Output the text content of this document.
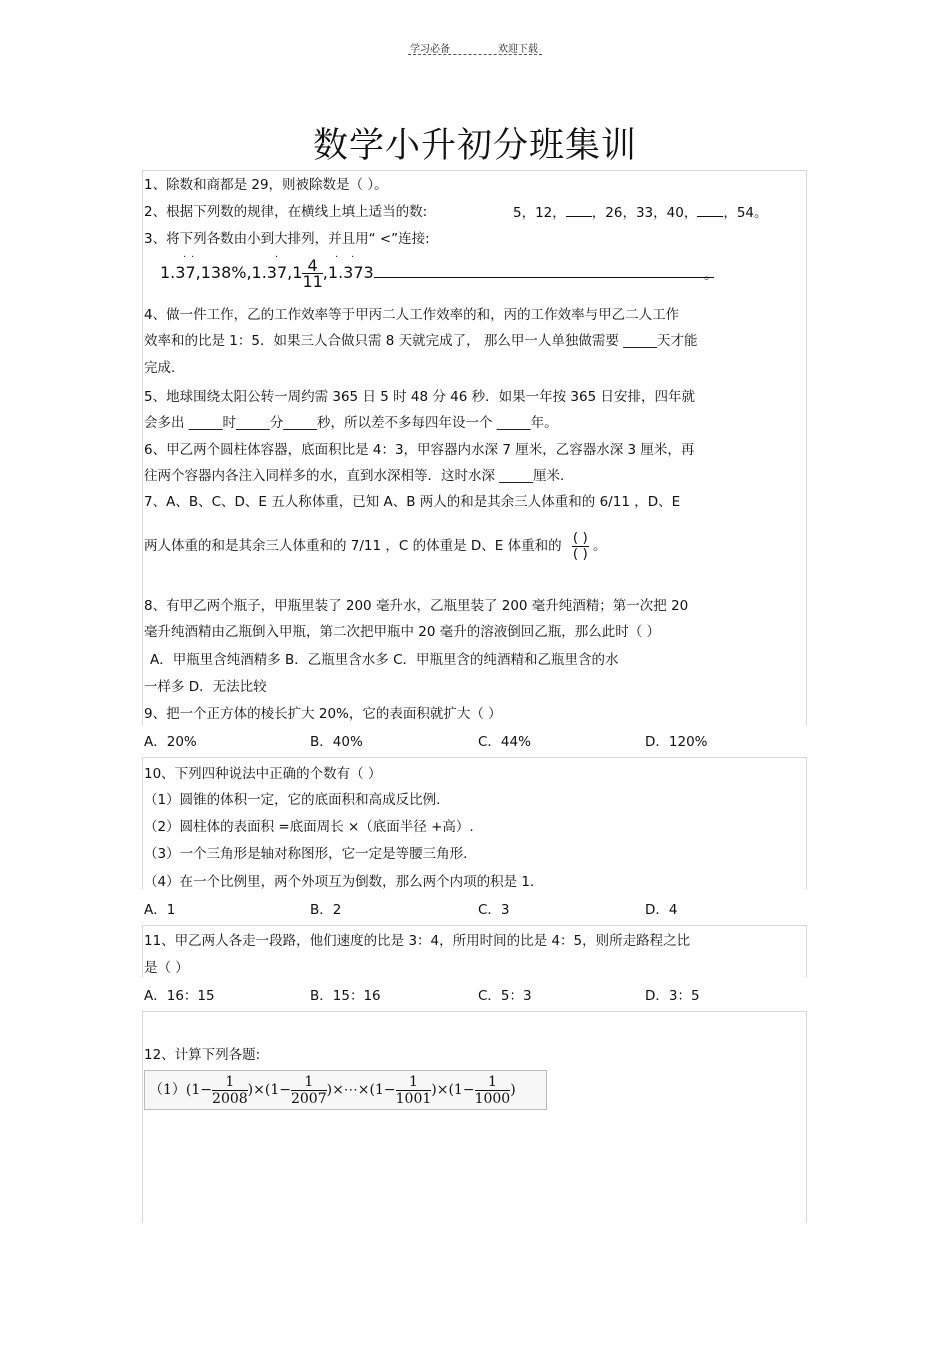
学习必备	欢迎下载
数学小升初分班集训
1、除数和商都是 29，则被除数是（ ）。
2、根据下列数的规律，在横线上填上适当的数:	5，12， ，26，33，40， ，54。
3、将下列各数由小到大排列，并且用“ <”连接:
· ·	·	· ·
$1.37,138\%,1.37,1 \frac{4}{11} ,1.373$	。
4、做一件工作，乙的工作效率等于甲丙二人工作效率的和，丙的工作效率与甲乙二人工作
效率和的比是 1：5．如果三人合做只需 8 天就完成了， 那么甲一人单独做需要 _____天才能
完成.
5、地球围绕太阳公转一周约需 365 日 5 时 48 分 46 秒．如果一年按 365 日安排，四年就
会多出 _____时_____分_____秒，所以差不多每四年设一个 _____年。
6、甲乙两个圆柱体容器，底面积比是 4：3，甲容器内水深 7 厘米，乙容器水深 3 厘米，再
往两个容器内各注入同样多的水，直到水深相等．这时水深 _____厘米.
7、A、B、C、D、E 五人称体重，已知 A、B 两人的和是其余三人体重和的 6/11 ，D、E
两人体重的和是其余三人体重和的 7/11 ，C 的体重是 D、E 体重和的 $\frac{( )}{( )}$ 。
8、有甲乙两个瓶子，甲瓶里装了 200 毫升水，乙瓶里装了 200 毫升纯酒精；第一次把 20
毫升纯酒精由乙瓶倒入甲瓶，第二次把甲瓶中 20 毫升的溶液倒回乙瓶，那么此时（ ）
A．甲瓶里含纯酒精多 B．乙瓶里含水多 C．甲瓶里含的纯酒精和乙瓶里含的水
一样多 D．无法比较
9、把一个正方体的棱长扩大 20%，它的表面积就扩大（ ）
A．20%	B．40%	C．44%	D．120%
10、下列四种说法中正确的个数有（ ）
（1）圆锥的体积一定，它的底面积和高成反比例.
（2）圆柱体的表面积 =底面周长 ×（底面半径 +高）.
（3）一个三角形是轴对称图形，它一定是等腰三角形.
（4）在一个比例里，两个外项互为倒数，那么两个内项的积是 1．
A．1	B．2	C．3	D．4
11、甲乙两人各走一段路，他们速度的比是 3：4，所用时间的比是 4：5，则所走路程之比
是（ ）
A．16：15	B．15：16	C．5：3	D．3：5
12、计算下列各题:
$(1)(1- \frac{1}{2008} )\times(1- \frac{1}{2007}$ )×⋯×(1− $\frac{1}{1001} )\times(1- \frac{1}{1000}$ )
